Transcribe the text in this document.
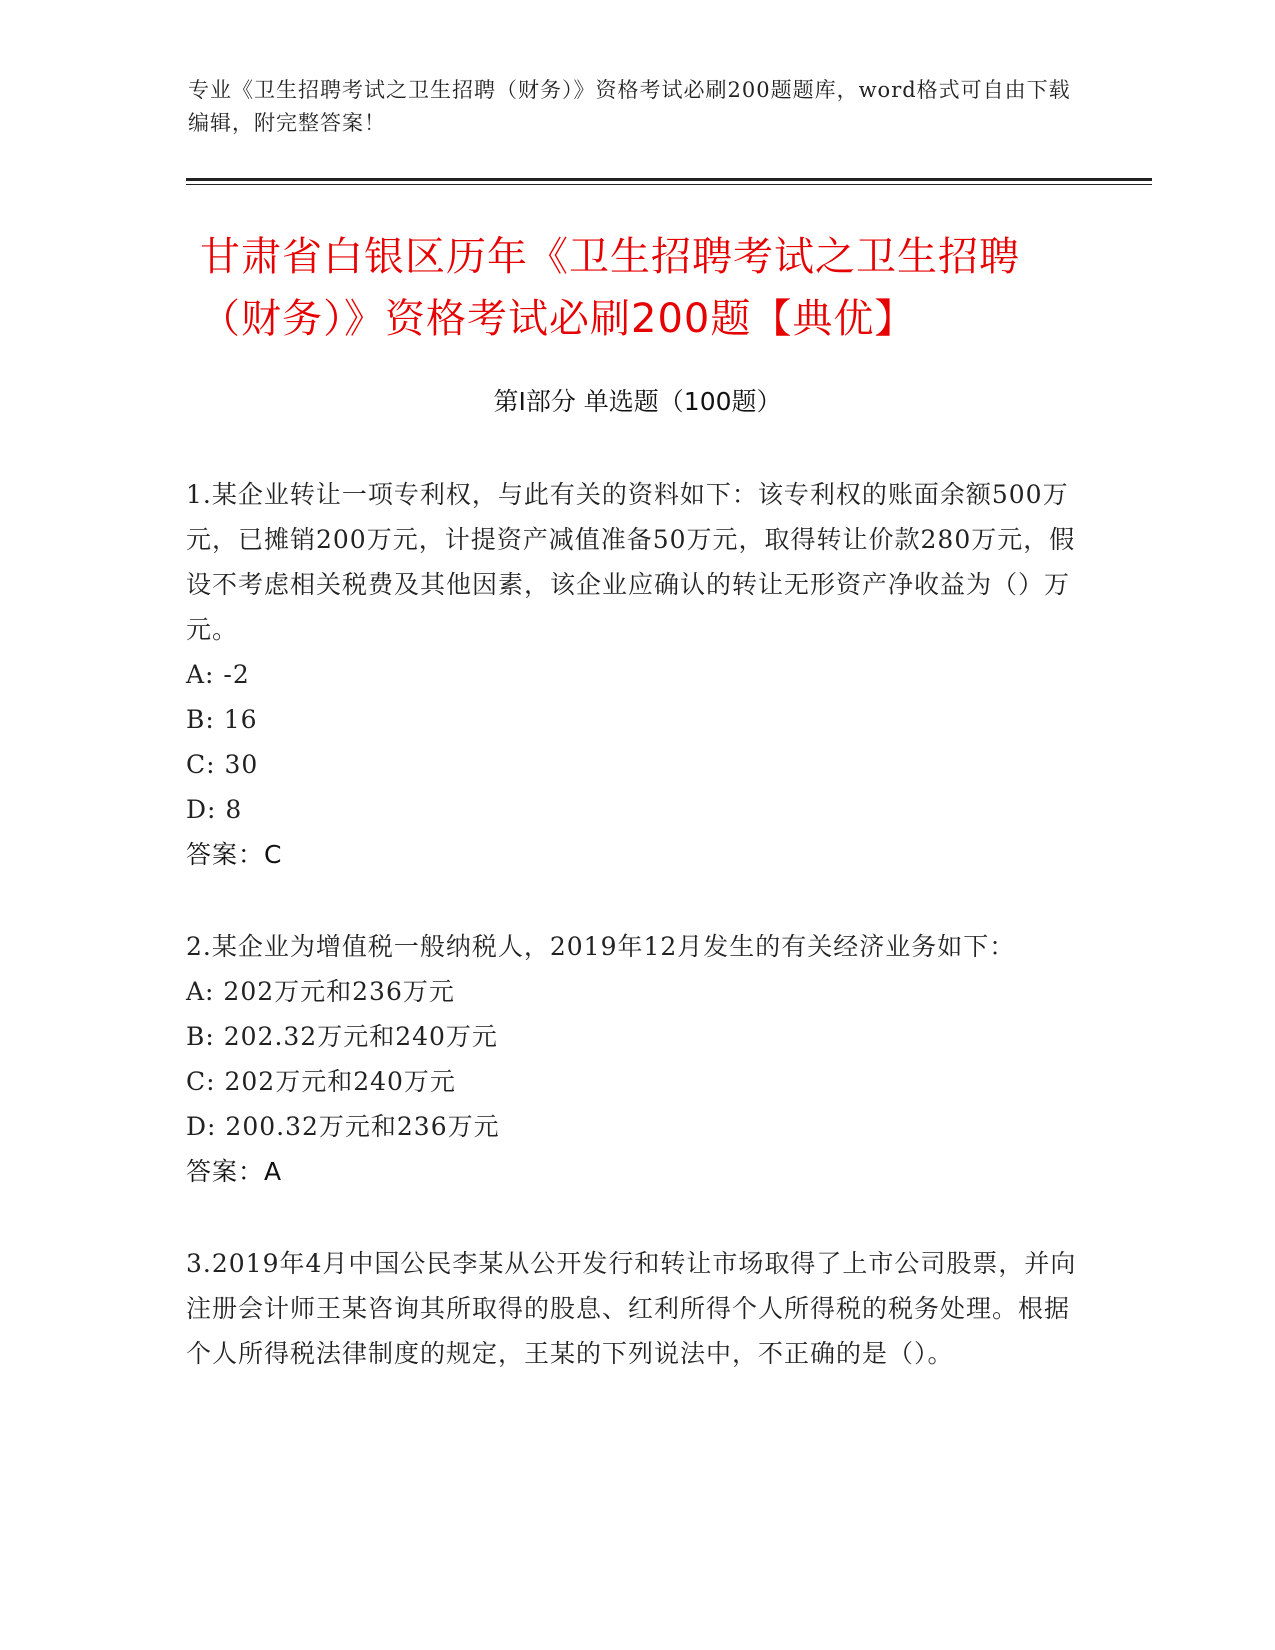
专业《卫生招聘考试之卫生招聘（财务）》资格考试必刷200题题库，word格式可自由下载编辑，附完整答案！
甘肃省白银区历年《卫生招聘考试之卫生招聘（财务）》资格考试必刷200题【典优】
第I部分 单选题（100题）

1.某企业转让一项专利权，与此有关的资料如下：该专利权的账面余额500万元，已摊销200万元，计提资产减值准备50万元，取得转让价款280万元，假设不考虑相关税费及其他因素，该企业应确认的转让无形资产净收益为（）万元。

A: -2

B: 16

C: 30

D: 8

答案：C

2.某企业为增值税一般纳税人，2019年12月发生的有关经济业务如下：

A: 202万元和236万元

B: 202.32万元和240万元

C: 202万元和240万元

D: 200.32万元和236万元

答案：A

3.2019年4月中国公民李某从公开发行和转让市场取得了上市公司股票，并向注册会计师王某咨询其所取得的股息、红利所得个人所得税的税务处理。根据个人所得税法律制度的规定，王某的下列说法中，不正确的是（）。
